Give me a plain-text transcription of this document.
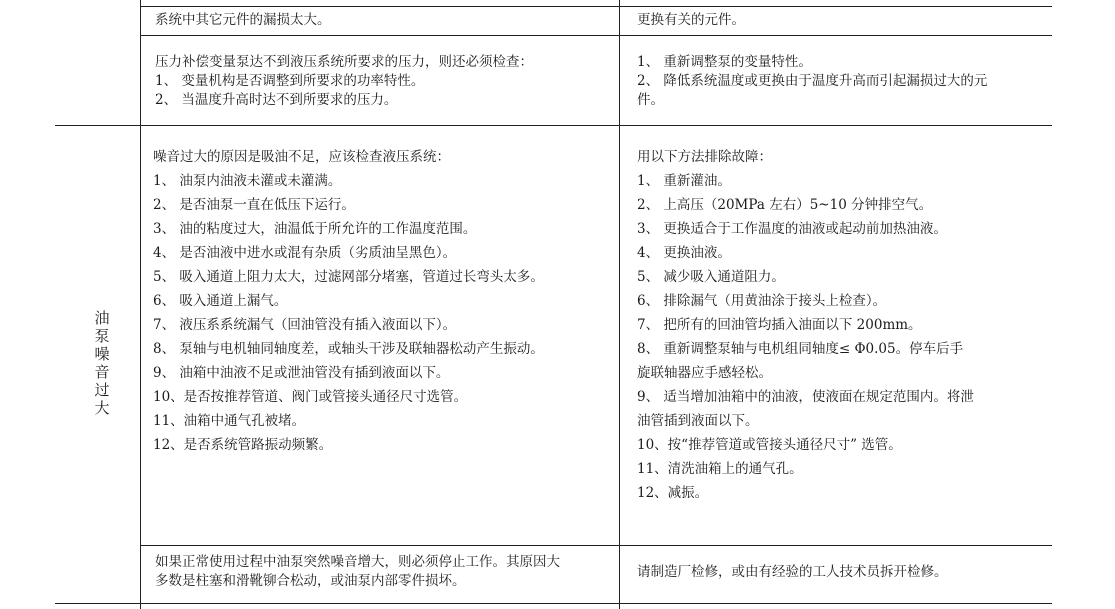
油
泵
噪
音
过
大
系统中其它元件的漏损太大。	更换有关的元件。
压力补偿变量泵达不到液压系统所要求的压力，则还必须检查：
1、 变量机构是否调整到所要求的功率特性。
2、 当温度升高时达不到所要求的压力。
1、 重新调整泵的变量特性。
2、 降低系统温度或更换由于温度升高而引起漏损过大的元
件。
噪音过大的原因是吸油不足，应该检查液压系统：
1、 油泵内油液未灌或未灌满。
2、 是否油泵一直在低压下运行。
3、 油的粘度过大，油温低于所允许的工作温度范围。
4、 是否油液中进水或混有杂质（劣质油呈黑色）。
5、 吸入通道上阻力太大，过滤网部分堵塞，管道过长弯头太多。
6、 吸入通道上漏气。
7、 液压系系统漏气（回油管没有插入液面以下）。
8、 泵轴与电机轴同轴度差，或轴头干涉及联轴器松动产生振动。
9、 油箱中油液不足或泄油管没有插到液面以下。
10、是否按推荐管道、阀门或管接头通径尺寸选管。
11、油箱中通气孔被堵。
12、是否系统管路振动频繁。
用以下方法排除故障：
1、 重新灌油。
2、 上高压（20MPa 左右）5~10 分钟排空气。
3、 更换适合于工作温度的油液或起动前加热油液。
4、 更换油液。
5、 减少吸入通道阻力。
6、 排除漏气（用黄油涂于接头上检查）。
7、 把所有的回油管均插入油面以下 200mm。
8、 重新调整泵轴与电机组同轴度≤ Φ0.05。停车后手
旋联轴器应手感轻松。
9、 适当增加油箱中的油液，使液面在规定范围内。将泄
油管插到液面以下。
10、按“推荐管道或管接头通径尺寸” 选管。
11、清洗油箱上的通气孔。
12、减振。
如果正常使用过程中油泵突然噪音增大，则必须停止工作。其原因大
多数是柱塞和滑靴铆合松动，或油泵内部零件损坏。
请制造厂检修，或由有经验的工人技术员拆开检修。
